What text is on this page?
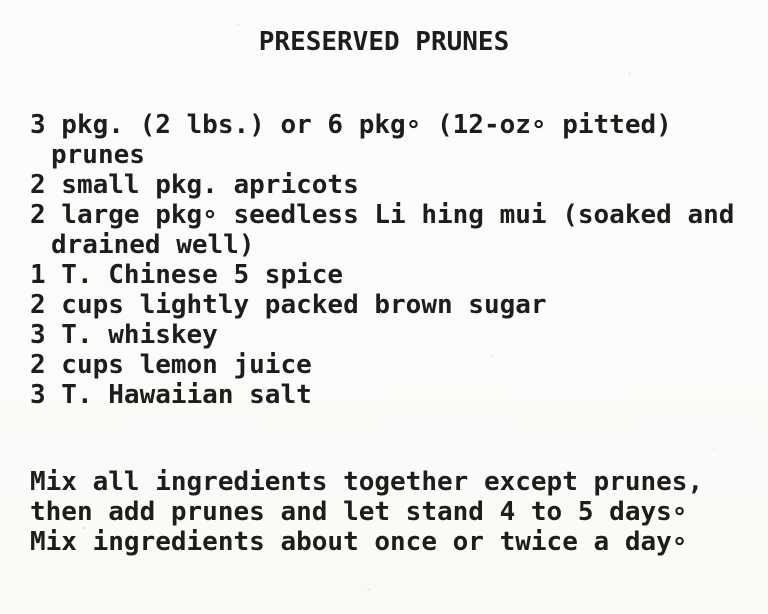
PRESERVED PRUNES
3 pkg. (2 lbs.) or 6 pkg∘ (12-oz∘ pitted)
prunes
2 small pkg. apricots
2 large pkg∘ seedless Li hing mui (soaked and
drained well)
1 T. Chinese 5 spice
2 cups lightly packed brown sugar
3 T. whiskey
2 cups lemon juice
3 T. Hawaiian salt
Mix all ingredients together except prunes,
then add prunes and let stand 4 to 5 days∘
Mix ingredients about once or twice a day∘
